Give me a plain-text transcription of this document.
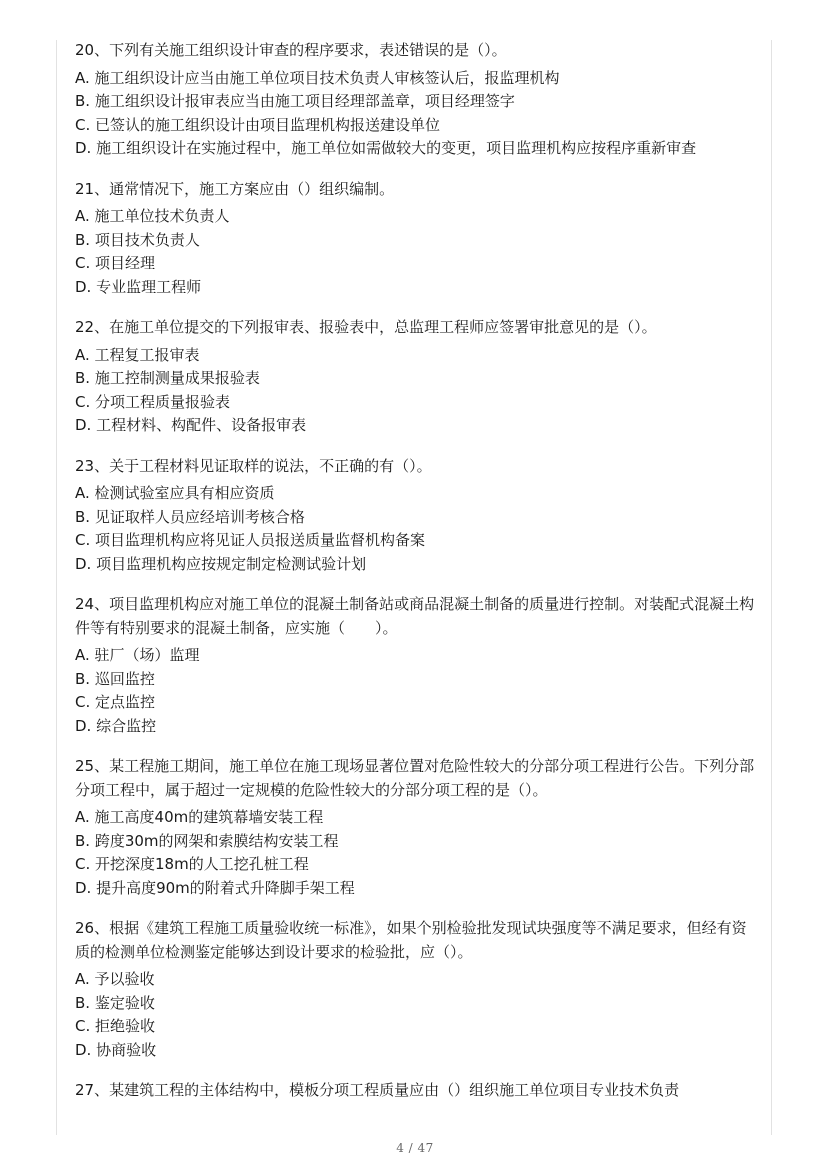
20、下列有关施工组织设计审查的程序要求，表述错误的是（）。
A. 施工组织设计应当由施工单位项目技术负责人审核签认后，报监理机构
B. 施工组织设计报审表应当由施工项目经理部盖章，项目经理签字
C. 已签认的施工组织设计由项目监理机构报送建设单位
D. 施工组织设计在实施过程中，施工单位如需做较大的变更，项目监理机构应按程序重新审查
21、通常情况下，施工方案应由（）组织编制。
A. 施工单位技术负责人
B. 项目技术负责人
C. 项目经理
D. 专业监理工程师
22、在施工单位提交的下列报审表、报验表中，总监理工程师应签署审批意见的是（）。
A. 工程复工报审表
B. 施工控制测量成果报验表
C. 分项工程质量报验表
D. 工程材料、构配件、设备报审表
23、关于工程材料见证取样的说法，不正确的有（）。
A. 检测试验室应具有相应资质
B. 见证取样人员应经培训考核合格
C. 项目监理机构应将见证人员报送质量监督机构备案
D. 项目监理机构应按规定制定检测试验计划
24、项目监理机构应对施工单位的混凝土制备站或商品混凝土制备的质量进行控制。对装配式混凝土构件等有特别要求的混凝土制备，应实施（　　）。
A. 驻厂（场）监理
B. 巡回监控
C. 定点监控
D. 综合监控
25、某工程施工期间，施工单位在施工现场显著位置对危险性较大的分部分项工程进行公告。下列分部分项工程中，属于超过一定规模的危险性较大的分部分项工程的是（）。
A. 施工高度40m的建筑幕墙安装工程
B. 跨度30m的网架和索膜结构安装工程
C. 开挖深度18m的人工挖孔桩工程
D. 提升高度90m的附着式升降脚手架工程
26、根据《建筑工程施工质量验收统一标准》，如果个别检验批发现试块强度等不满足要求，但经有资质的检测单位检测鉴定能够达到设计要求的检验批，应（）。
A. 予以验收
B. 鉴定验收
C. 拒绝验收
D. 协商验收
27、某建筑工程的主体结构中，模板分项工程质量应由（）组织施工单位项目专业技术负责
4 / 47
